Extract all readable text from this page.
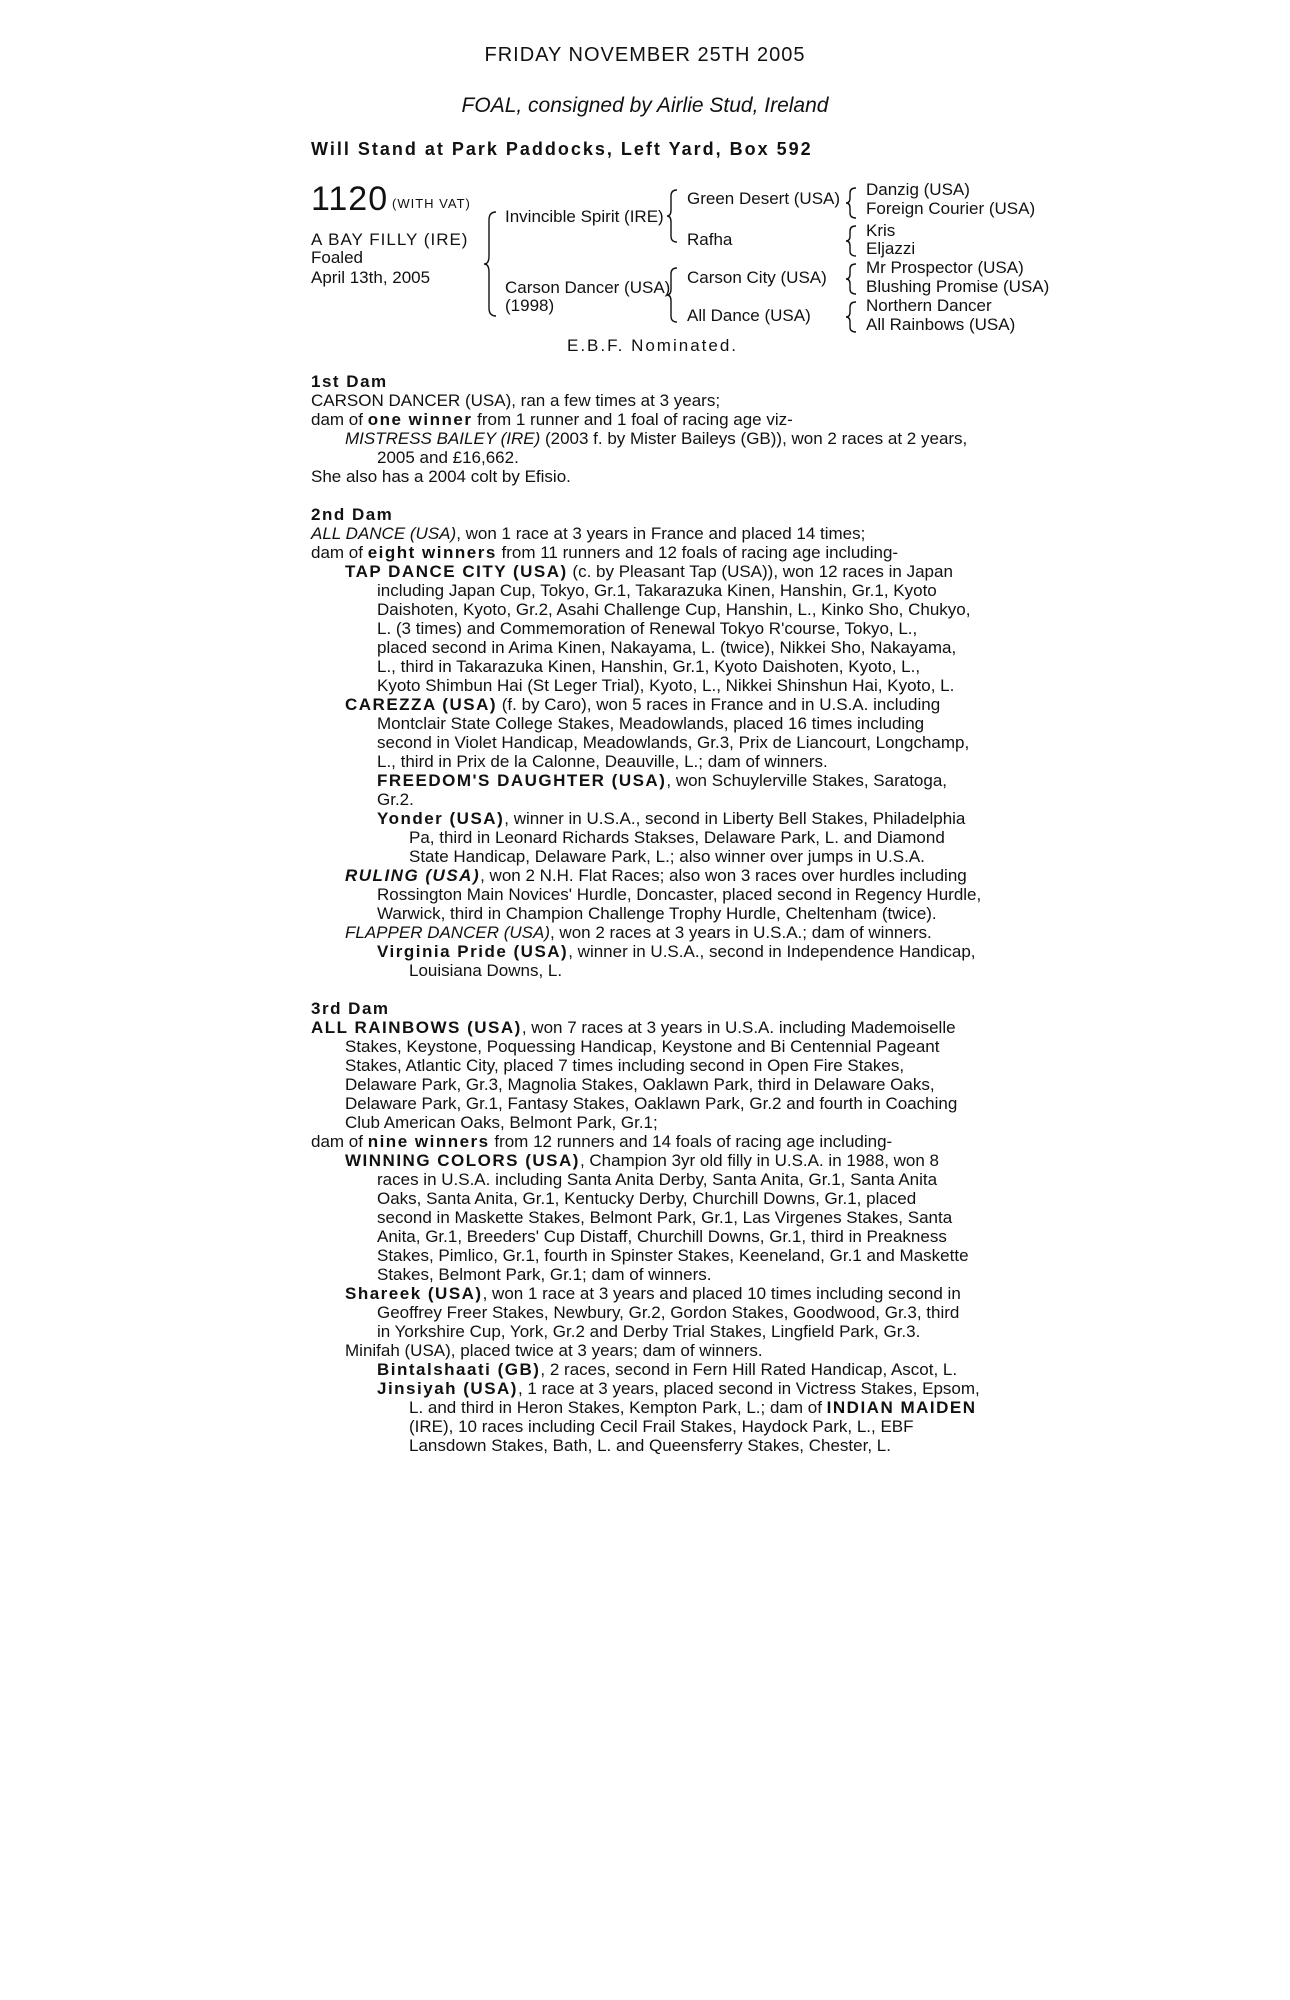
FRIDAY NOVEMBER 25TH 2005
FOAL, consigned by Airlie Stud, Ireland
Will Stand at Park Paddocks, Left Yard, Box 592
1120 (WITH VAT)
A BAY FILLY (IRE)
Foaled
April 13th, 2005
Invincible Spirit (IRE)
Carson Dancer (USA)
(1998)
Green Desert (USA)
Rafha
Carson City (USA)
All Dance (USA)
Danzig (USA)
Foreign Courier (USA)
Kris
Eljazzi
Mr Prospector (USA)
Blushing Promise (USA)
Northern Dancer
All Rainbows (USA)
E.B.F. Nominated.

1st Dam

CARSON DANCER (USA), ran a few times at 3 years;

dam of one winner from 1 runner and 1 foal of racing age viz-

MISTRESS BAILEY (IRE) (2003 f. by Mister Baileys (GB)), won 2 races at 2 years,

2005 and £16,662.

She also has a 2004 colt by Efisio.

2nd Dam

ALL DANCE (USA), won 1 race at 3 years in France and placed 14 times;

dam of eight winners from 11 runners and 12 foals of racing age including-

TAP DANCE CITY (USA) (c. by Pleasant Tap (USA)), won 12 races in Japan

including Japan Cup, Tokyo, Gr.1, Takarazuka Kinen, Hanshin, Gr.1, Kyoto

Daishoten, Kyoto, Gr.2, Asahi Challenge Cup, Hanshin, L., Kinko Sho, Chukyo,

L. (3 times) and Commemoration of Renewal Tokyo R'course, Tokyo, L.,

placed second in Arima Kinen, Nakayama, L. (twice), Nikkei Sho, Nakayama,

L., third in Takarazuka Kinen, Hanshin, Gr.1, Kyoto Daishoten, Kyoto, L.,

Kyoto Shimbun Hai (St Leger Trial), Kyoto, L., Nikkei Shinshun Hai, Kyoto, L.

CAREZZA (USA) (f. by Caro), won 5 races in France and in U.S.A. including

Montclair State College Stakes, Meadowlands, placed 16 times including

second in Violet Handicap, Meadowlands, Gr.3, Prix de Liancourt, Longchamp,

L., third in Prix de la Calonne, Deauville, L.; dam of winners.

FREEDOM'S DAUGHTER (USA), won Schuylerville Stakes, Saratoga, Gr.2.

Yonder (USA), winner in U.S.A., second in Liberty Bell Stakes, Philadelphia

Pa, third in Leonard Richards Stakses, Delaware Park, L. and Diamond

State Handicap, Delaware Park, L.; also winner over jumps in U.S.A.

RULING (USA), won 2 N.H. Flat Races; also won 3 races over hurdles including

Rossington Main Novices' Hurdle, Doncaster, placed second in Regency Hurdle,

Warwick, third in Champion Challenge Trophy Hurdle, Cheltenham (twice).

FLAPPER DANCER (USA), won 2 races at 3 years in U.S.A.; dam of winners.

Virginia Pride (USA), winner in U.S.A., second in Independence Handicap,

Louisiana Downs, L.

3rd Dam

ALL RAINBOWS (USA), won 7 races at 3 years in U.S.A. including Mademoiselle

Stakes, Keystone, Poquessing Handicap, Keystone and Bi Centennial Pageant

Stakes, Atlantic City, placed 7 times including second in Open Fire Stakes,

Delaware Park, Gr.3, Magnolia Stakes, Oaklawn Park, third in Delaware Oaks,

Delaware Park, Gr.1, Fantasy Stakes, Oaklawn Park, Gr.2 and fourth in Coaching

Club American Oaks, Belmont Park, Gr.1;

dam of nine winners from 12 runners and 14 foals of racing age including-

WINNING COLORS (USA), Champion 3yr old filly in U.S.A. in 1988, won 8

races in U.S.A. including Santa Anita Derby, Santa Anita, Gr.1, Santa Anita

Oaks, Santa Anita, Gr.1, Kentucky Derby, Churchill Downs, Gr.1, placed

second in Maskette Stakes, Belmont Park, Gr.1, Las Virgenes Stakes, Santa

Anita, Gr.1, Breeders' Cup Distaff, Churchill Downs, Gr.1, third in Preakness

Stakes, Pimlico, Gr.1, fourth in Spinster Stakes, Keeneland, Gr.1 and Maskette

Stakes, Belmont Park, Gr.1; dam of winners.

Shareek (USA), won 1 race at 3 years and placed 10 times including second in

Geoffrey Freer Stakes, Newbury, Gr.2, Gordon Stakes, Goodwood, Gr.3, third

in Yorkshire Cup, York, Gr.2 and Derby Trial Stakes, Lingfield Park, Gr.3.

Minifah (USA), placed twice at 3 years; dam of winners.

Bintalshaati (GB), 2 races, second in Fern Hill Rated Handicap, Ascot, L.

Jinsiyah (USA), 1 race at 3 years, placed second in Victress Stakes, Epsom,

L. and third in Heron Stakes, Kempton Park, L.; dam of INDIAN MAIDEN

(IRE), 10 races including Cecil Frail Stakes, Haydock Park, L., EBF

Lansdown Stakes, Bath, L. and Queensferry Stakes, Chester, L.
